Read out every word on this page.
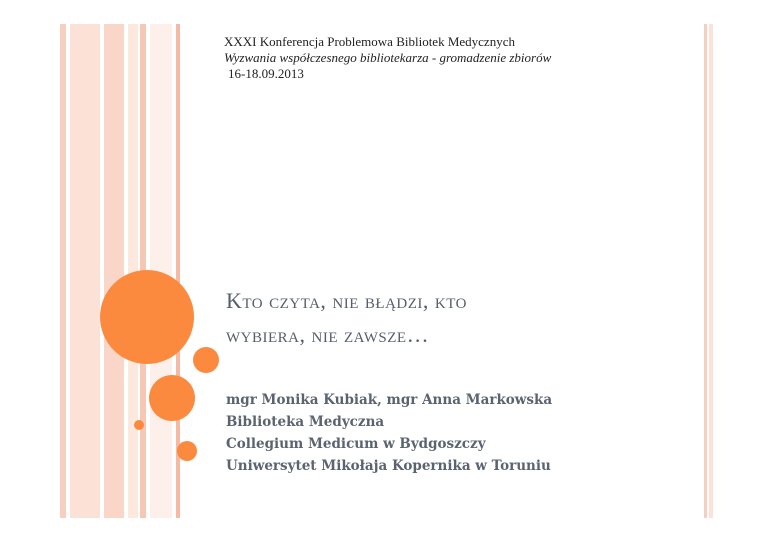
XXXI Konferencja Problemowa Bibliotek Medycznych
Wyzwania współczesnego bibliotekarza - gromadzenie zbiorów
16-18.09.2013
Kto czyta, nie błądzi, kto
wybiera, nie zawsze…
mgr Monika Kubiak, mgr Anna Markowska
Biblioteka Medyczna
Collegium Medicum w Bydgoszczy
Uniwersytet Mikołaja Kopernika w Toruniu
